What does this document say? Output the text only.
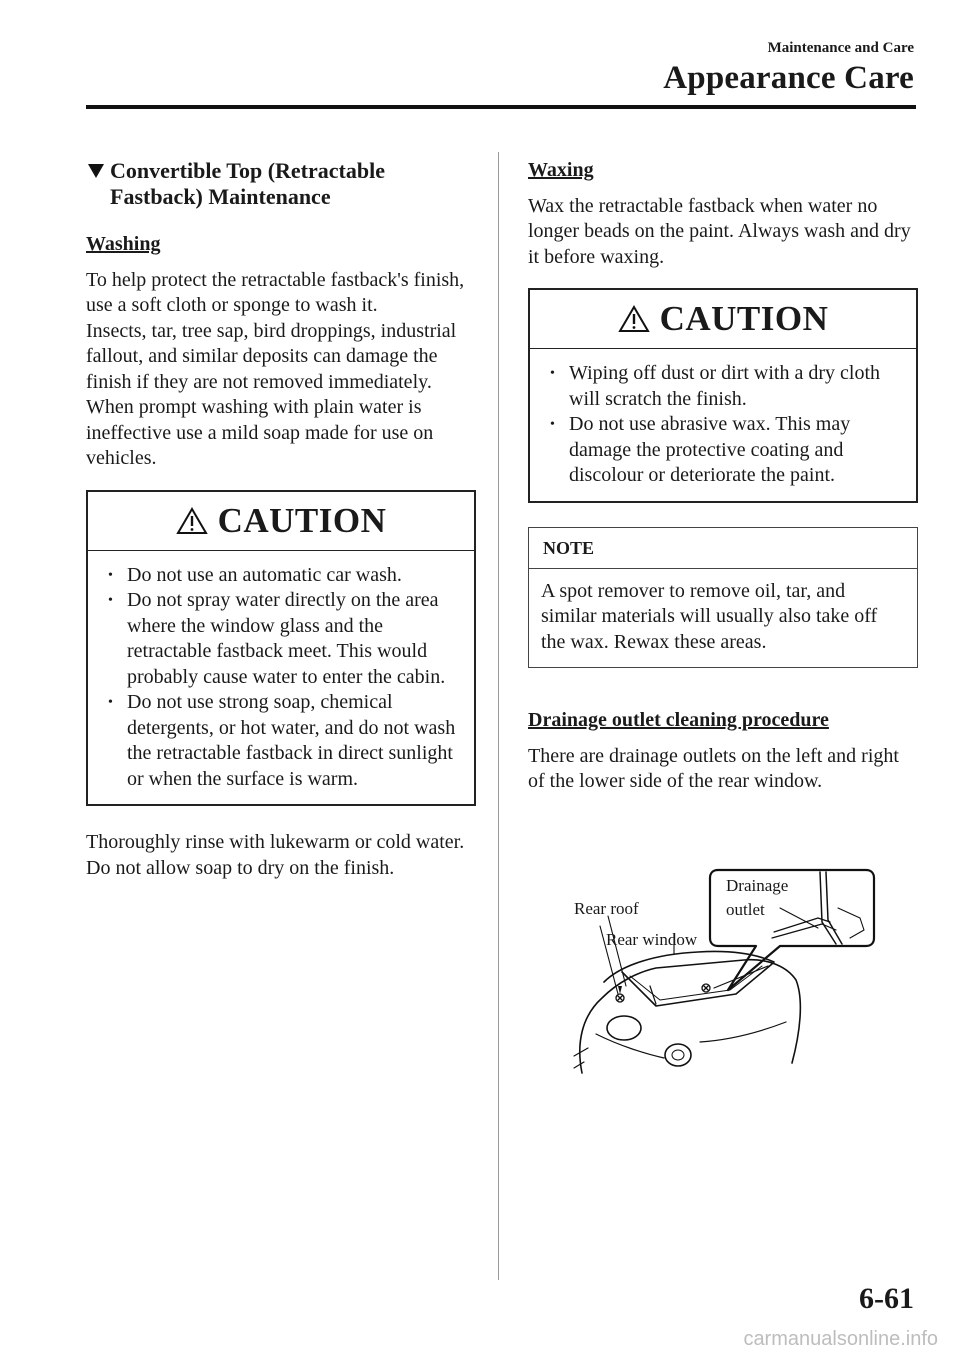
Maintenance and Care
Appearance Care
Convertible Top (Retractable Fastback) Maintenance
Washing

To help protect the retractable fastback's finish, use a soft cloth or sponge to wash it.

Insects, tar, tree sap, bird droppings, industrial fallout, and similar deposits can damage the finish if they are not removed immediately. When prompt washing with plain water is ineffective use a mild soap made for use on vehicles.

CAUTION
• Do not use an automatic car wash.
• Do not spray water directly on the area where the window glass and the retractable fastback meet. This would probably cause water to enter the cabin.
• Do not use strong soap, chemical detergents, or hot water, and do not wash the retractable fastback in direct sunlight or when the surface is warm.

Thoroughly rinse with lukewarm or cold water. Do not allow soap to dry on the finish.

Waxing

Wax the retractable fastback when water no longer beads on the paint. Always wash and dry it before waxing.

CAUTION
• Wiping off dust or dirt with a dry cloth will scratch the finish.
• Do not use abrasive wax. This may damage the protective coating and discolour or deteriorate the paint.
NOTE
A spot remover to remove oil, tar, and similar materials will usually also take off the wax. Rewax these areas.
Drainage outlet cleaning procedure

There are drainage outlets on the left and right of the lower side of the rear window.

Rear roof
Rear window
Drainage
outlet
6-61
carmanualsonline.info
